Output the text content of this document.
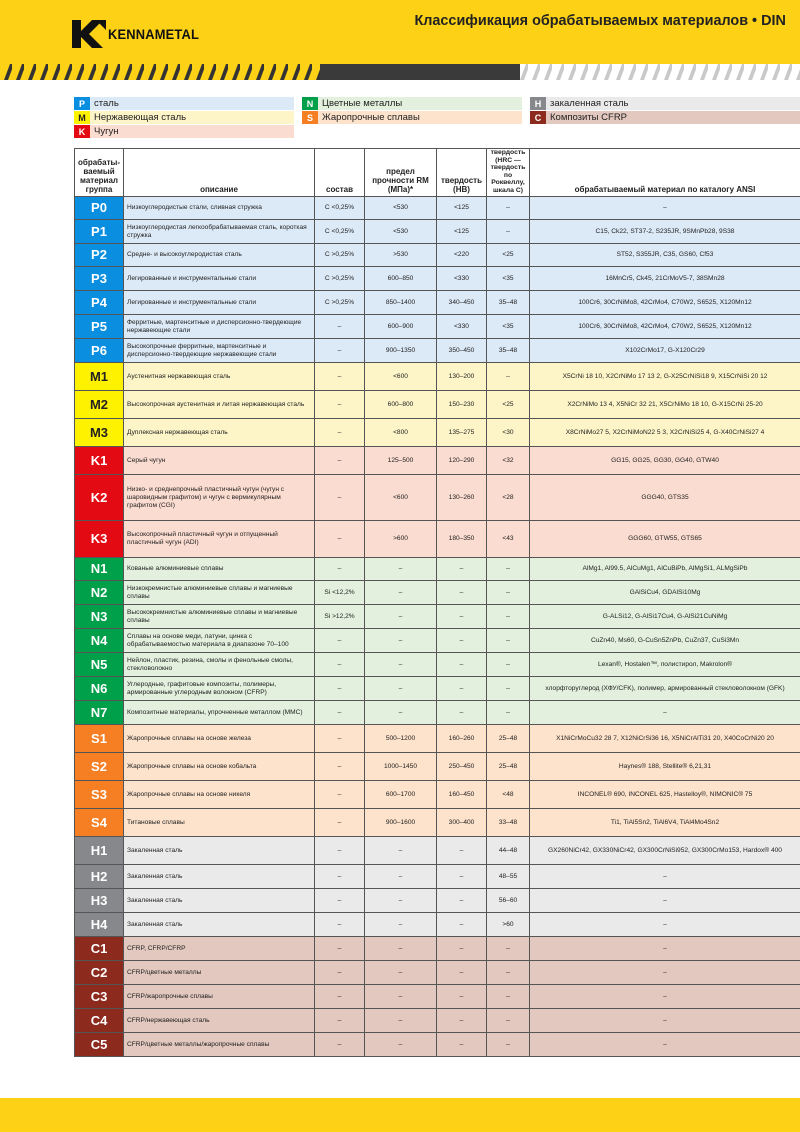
KENNAMETAL
Классификация обрабатываемых материалов • DIN
P сталь
M Нержавеющая сталь
K Чугун
N Цветные металлы
S Жаропрочные сплавы
H закаленная сталь
C Композиты CFRP
обрабаты-ваемый материал группа	описание	состав	предел прочности RM (МПа)*	твердость (HB)	твердость (HRC — твердость по Роквеллу, шкала С)	обрабатываемый материал по каталогу ANSI
P0	Низкоуглеродистые стали, сливная стружка	C <0,25%	<530	<125	–	–
P1	Низкоуглеродистая легкообрабатываемая сталь, короткая стружка	C <0,25%	<530	<125	–	C15, Ck22, ST37-2, S235JR, 9SMnPb28, 9S38
P2	Средне- и высокоуглеродистая сталь	C >0,25%	>530	<220	<25	ST52, S355JR, C35, GS60, Cf53
P3	Легированные и инструментальные стали	C >0,25%	600–850	<330	<35	16MnCr5, Ck45, 21CrMoV5-7, 38SMn28
P4	Легированные и инструментальные стали	C >0,25%	850–1400	340–450	35–48	100Cr6, 30CrNiMo8, 42CrMo4, C70W2, S6525, X120Mn12
P5	Ферритные, мартенситные и дисперсионно-твердеющие нержавеющие стали	–	600–900	<330	<35	100Cr6, 30CrNiMo8, 42CrMo4, C70W2, S6525, X120Mn12
P6	Высокопрочные ферритные, мартенситные и дисперсионно-твердеющие нержавеющие стали	–	900–1350	350–450	35–48	X102CrMo17, G-X120Cr29
M1	Аустенитная нержавеющая сталь	–	<600	130–200	–	X5CrNi 18 10, X2CrNiMo 17 13 2, G-X25CrNiSi18 9, X15CrNiSi 20 12
M2	Высокопрочная аустенитная и литая нержавеющая сталь	–	600–800	150–230	<25	X2CrNiMo 13 4, X5NiCr 32 21, X5CrNiMo 18 10, G-X15CrNi 25-20
M3	Дуплексная нержавеющая сталь	–	<800	135–275	<30	X8CrNiMo27 5, X2CrNiMoN22 5 3, X2CrNiSi25 4, G-X40CrNiSi27 4
K1	Серый чугун	–	125–500	120–290	<32	GG15, GG25, GG30, GG40, GTW40
K2	Низко- и среднепрочный пластичный чугун (чугун с шаровидным графитом) и чугун с вермикулярным графитом (CGI)	–	<600	130–260	<28	GGG40, GTS35
K3	Высокопрочный пластичный чугун и отпущенный пластичный чугун (ADI)	–	>600	180–350	<43	GGG60, GTW55, GTS65
N1	Кованые алюминиевые сплавы	–	–	–	–	AlMg1, Al99.5, AlCuMg1, AlCuBiPb, AlMgSi1, ALMgSiPb
N2	Низкокремнистые алюминиевые сплавы и магниевые сплавы	Si <12,2%	–	–	–	GAlSiCu4, GDAlSi10Mg
N3	Высококремнистые алюминиевые сплавы и магниевые сплавы	Si >12,2%	–	–	–	G-ALSi12, G-AlSi17Cu4, G-AlSi21CuNiMg
N4	Сплавы на основе меди, латуни, цинка с обрабатываемостью материала в диапазоне 70–100	–	–	–	–	CuZn40, Ms60, G-CuSn5ZnPb, CuZn37, CuSi3Mn
N5	Нейлон, пластик, резина, смолы и фенольные смолы, стекловолокно	–	–	–	–	Lexan®, Hostalen™, полистирол, Makrolon®
N6	Углеродные, графитовые композиты, полимеры, армированные углеродным волокном (CFRP)	–	–	–	–	хлорфторуглерод (ХФУ/CFK), полимер, армированный стекловолокном (GFK)
N7	Композитные материалы, упрочненные металлом (MMC)	–	–	–	–	–
S1	Жаропрочные сплавы на основе железа	–	500–1200	160–260	25–48	X1NiCrMoCu32 28 7, X12NiCrSi36 16, X5NiCrAlTi31 20, X40CoCrNi20 20
S2	Жаропрочные сплавы на основе кобальта	–	1000–1450	250–450	25–48	Haynes® 188, Stellite® 6,21,31
S3	Жаропрочные сплавы на основе никеля	–	600–1700	160–450	<48	INCONEL® 690, INCONEL 625, Hastelloy®, NIMONIC® 75
S4	Титановые сплавы	–	900–1600	300–400	33–48	Ti1, TiAl5Sn2, TiAl6V4, TiAl4Mo4Sn2
H1	Закаленная сталь	–	–	–	44–48	GX260NiCr42, GX330NiCr42, GX300CrNiSi952, GX300CrMo153, Hardox® 400
H2	Закаленная сталь	–	–	–	48–55	–
H3	Закаленная сталь	–	–	–	56–60	–
H4	Закаленная сталь	–	–	–	>60	–
C1	CFRP, CFRP/CFRP	–	–	–	–	–
C2	CFRP/цветные металлы	–	–	–	–	–
C3	CFRP/жаропрочные сплавы	–	–	–	–	–
C4	CFRP/нержавеющая сталь	–	–	–	–	–
C5	CFRP/цветные металлы/жаропрочные сплавы	–	–	–	–	–
